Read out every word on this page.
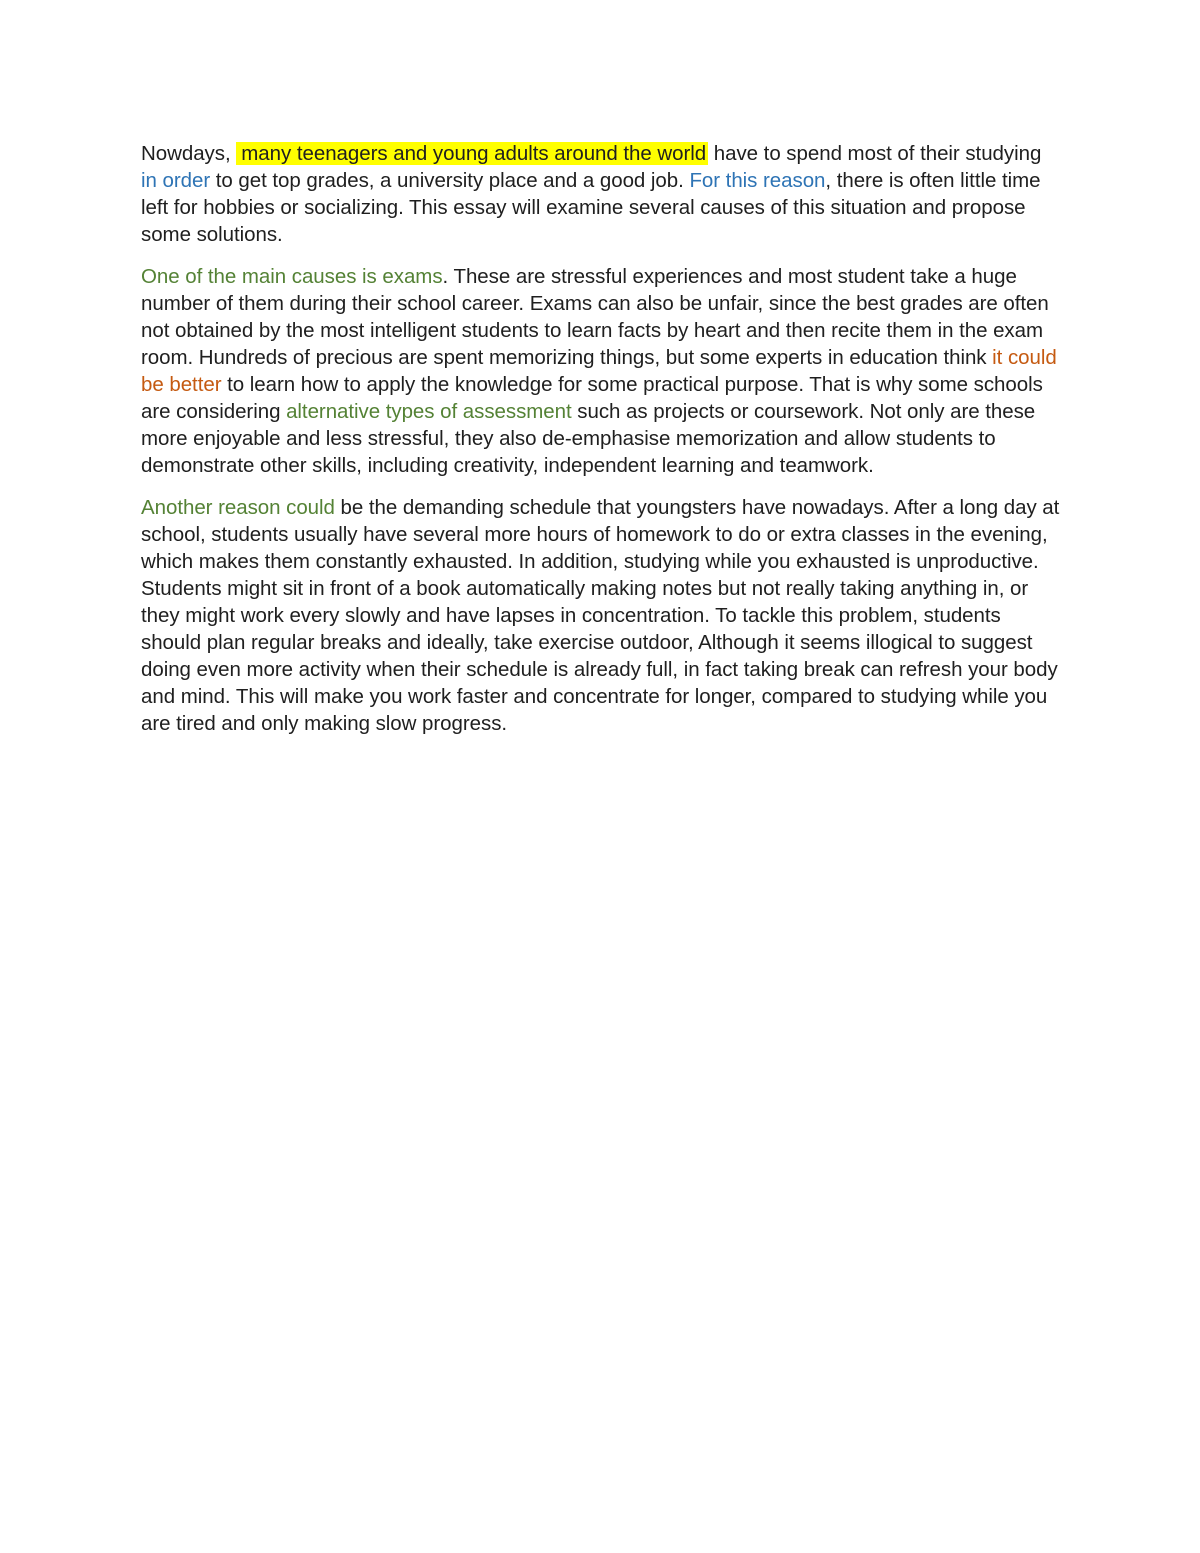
Nowdays, many teenagers and young adults around the world have to spend most of their studying in order to get top grades, a university place and a good job. For this reason, there is often little time left for hobbies or socializing. This essay will examine several causes of this situation and propose some solutions.

One of the main causes is exams. These are stressful experiences and most student take a huge number of them during their school career. Exams can also be unfair, since the best grades are often not obtained by the most intelligent students to learn facts by heart and then recite them in the exam room. Hundreds of precious are spent memorizing things, but some experts in education think it could be better to learn how to apply the knowledge for some practical purpose. That is why some schools are considering alternative types of assessment such as projects or coursework. Not only are these more enjoyable and less stressful, they also de-emphasise memorization and allow students to demonstrate other skills, including creativity, independent learning and teamwork.

Another reason could be the demanding schedule that youngsters have nowadays. After a long day at school, students usually have several more hours of homework to do or extra classes in the evening, which makes them constantly exhausted. In addition, studying while you exhausted is unproductive. Students might sit in front of a book automatically making notes but not really taking anything in, or they might work every slowly and have lapses in concentration. To tackle this problem, students should plan regular breaks and ideally, take exercise outdoor, Although it seems illogical to suggest doing even more activity when their schedule is already full, in fact taking break can refresh your body and mind. This will make you work faster and concentrate for longer, compared to studying while you are tired and only making slow progress.
